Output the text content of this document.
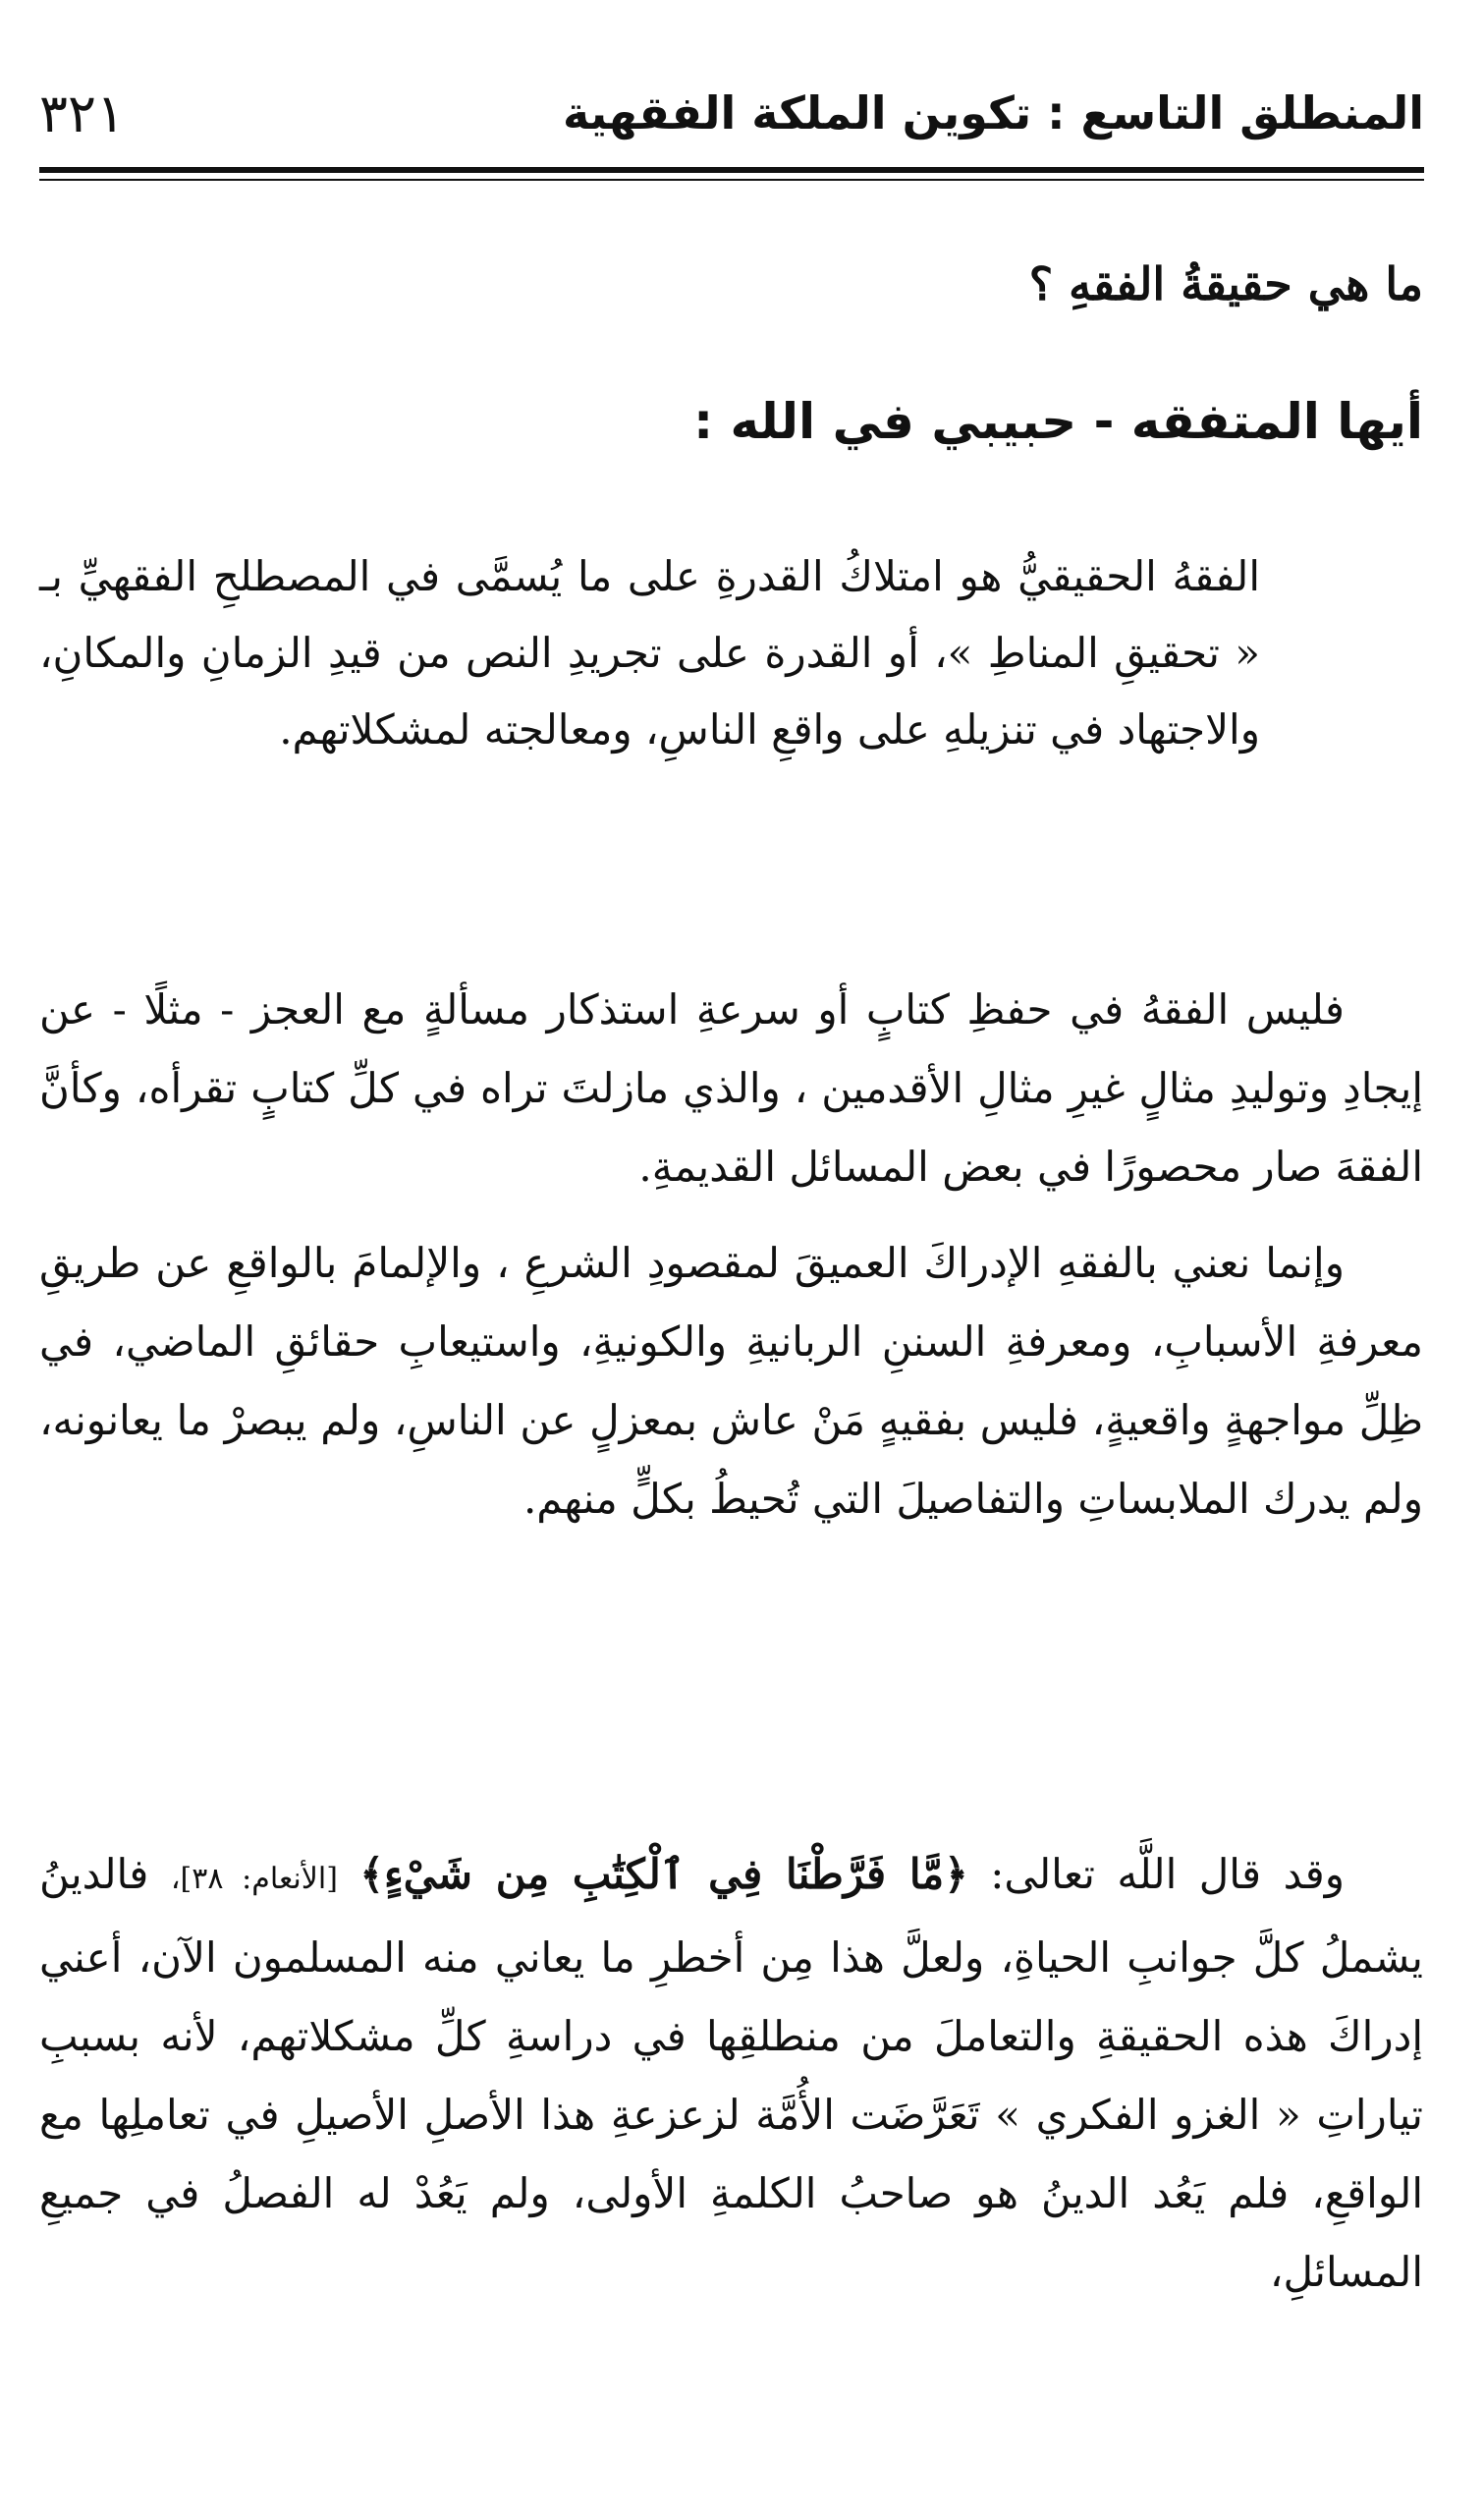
المنطلق التاسع : تكوين الملكة الفقهية
٣٢١
ما هي حقيقةُ الفقهِ ؟
أيها المتفقه - حبيبي في الله :
الفقهُ الحقيقيُّ هو امتلاكُ القدرةِ على ما يُسمَّى في المصطلحِ الفقهيِّ بـ « تحقيقِ المناطِ »، أو القدرة على تجريدِ النص من قيدِ الزمانِ والمكانِ، والاجتهاد في تنزيلهِ على واقعِ الناسِ، ومعالجته لمشكلاتهم.
فليس الفقهُ في حفظِ كتابٍ أو سرعةِ استذكار مسألةٍ مع العجز - مثلًا - عن إيجادِ وتوليدِ مثالٍ غيرِ مثالِ الأقدمين ، والذي مازلتَ تراه في كلِّ كتابٍ تقرأه، وكأنَّ الفقهَ صار محصورًا في بعض المسائل القديمةِ.
وإنما نعني بالفقهِ الإدراكَ العميقَ لمقصودِ الشرعِ ، والإلمامَ بالواقعِ عن طريقِ معرفةِ الأسبابِ، ومعرفةِ السننِ الربانيةِ والكونيةِ، واستيعابِ حقائقِ الماضي، في ظِلِّ مواجهةٍ واقعيةٍ، فليس بفقيهٍ مَنْ عاش بمعزلٍ عن الناسِ، ولم يبصرْ ما يعانونه، ولم يدرك الملابساتِ والتفاصيلَ التي تُحيطُ بكلٍّ منهم.
وقد قال اللَّه تعالى: ﴿مَّا فَرَّطْنَا فِي ٱلْكِتَٰبِ مِن شَيْءٍ﴾ [الأنعام: ٣٨]، فالدينُ يشملُ كلَّ جوانبِ الحياةِ، ولعلَّ هذا مِن أخطرِ ما يعاني منه المسلمون الآن، أعني إدراكَ هذه الحقيقةِ والتعاملَ من منطلقِها في دراسةِ كلِّ مشكلاتهم، لأنه بسببِ تياراتِ « الغزو الفكري » تَعَرَّضَت الأُمَّة لزعزعةِ هذا الأصلِ الأصيلِ في تعاملِها مع الواقعِ، فلم يَعُد الدينُ هو صاحبُ الكلمةِ الأولى، ولم يَعُدْ له الفصلُ في جميعِ المسائلِ،
